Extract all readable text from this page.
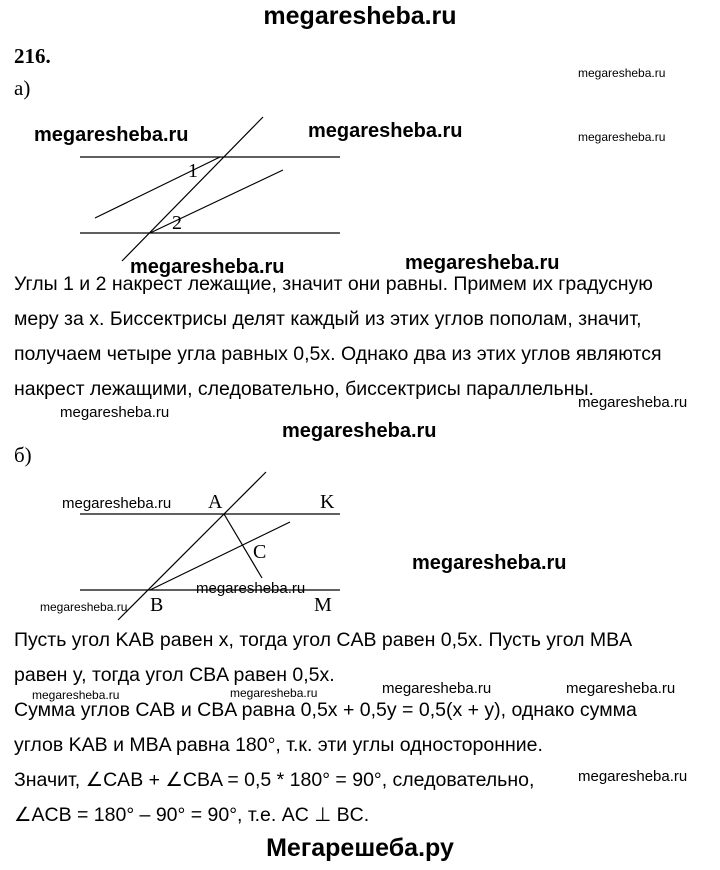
megaresheba.ru
216.
а)
1
2
Углы 1 и 2 накрест лежащие, значит они равны. Примем их градусную
меру за x. Биссектрисы делят каждый из этих углов пополам, значит,
получаем четыре угла равных 0,5x. Однако два из этих углов являются
накрест лежащими, следовательно, биссектрисы параллельны.
б)
A	K
C
B	M
Пусть угол KAB равен x, тогда угол CAB равен 0,5x. Пусть угол MBA
равен y, тогда угол CBA равен 0,5x.
Сумма углов CAB и CBA равна 0,5x + 0,5y = 0,5(x + y), однако сумма
углов KAB и MBA равна 180°, т.к. эти углы односторонние.
Значит, ∠CAB + ∠CBA = 0,5 * 180° = 90°, следовательно,
∠ACB = 180° – 90° = 90°, т.е. AC ⊥ BC.
megaresheba.ru
megaresheba.ru	megaresheba.ru	megaresheba.ru
megaresheba.ru	megaresheba.ru
megaresheba.ru
megaresheba.ru
megaresheba.ru
megaresheba.ru
megaresheba.ru
megaresheba.ru
megaresheba.ru
megaresheba.ru	megaresheba.ru	megaresheba.ru	megaresheba.ru
megaresheba.ru
Мегарешеба.ру
